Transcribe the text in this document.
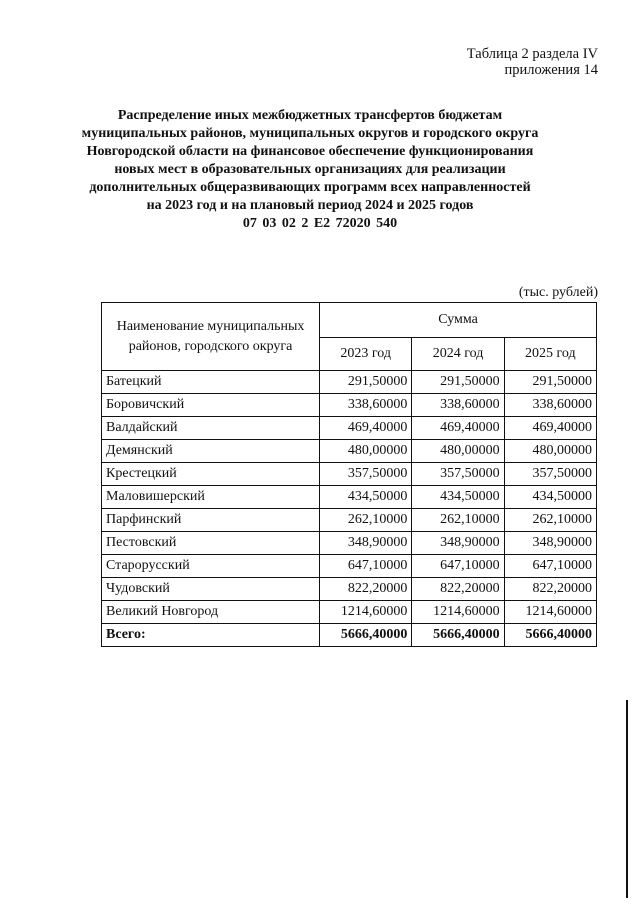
Таблица 2 раздела IV
приложения 14
Распределение иных межбюджетных трансфертов бюджетам
муниципальных районов, муниципальных округов и городского округа
Новгородской области на финансовое обеспечение функционирования
новых мест в образовательных организациях для реализации
дополнительных общеразвивающих программ всех направленностей
на 2023 год и на плановый период 2024 и 2025 годов
07 03 02 2 E2 72020 540
(тыс. рублей)
Наименование муниципальных районов, городского округа	Сумма		
	2023 год	2024 год	2025 год
Батецкий	291,50000	291,50000	291,50000
Боровичский	338,60000	338,60000	338,60000
Валдайский	469,40000	469,40000	469,40000
Демянский	480,00000	480,00000	480,00000
Крестецкий	357,50000	357,50000	357,50000
Маловишерский	434,50000	434,50000	434,50000
Парфинский	262,10000	262,10000	262,10000
Пестовский	348,90000	348,90000	348,90000
Старорусский	647,10000	647,10000	647,10000
Чудовский	822,20000	822,20000	822,20000
Великий Новгород	1214,60000	1214,60000	1214,60000
Всего:	5666,40000	5666,40000	5666,40000
